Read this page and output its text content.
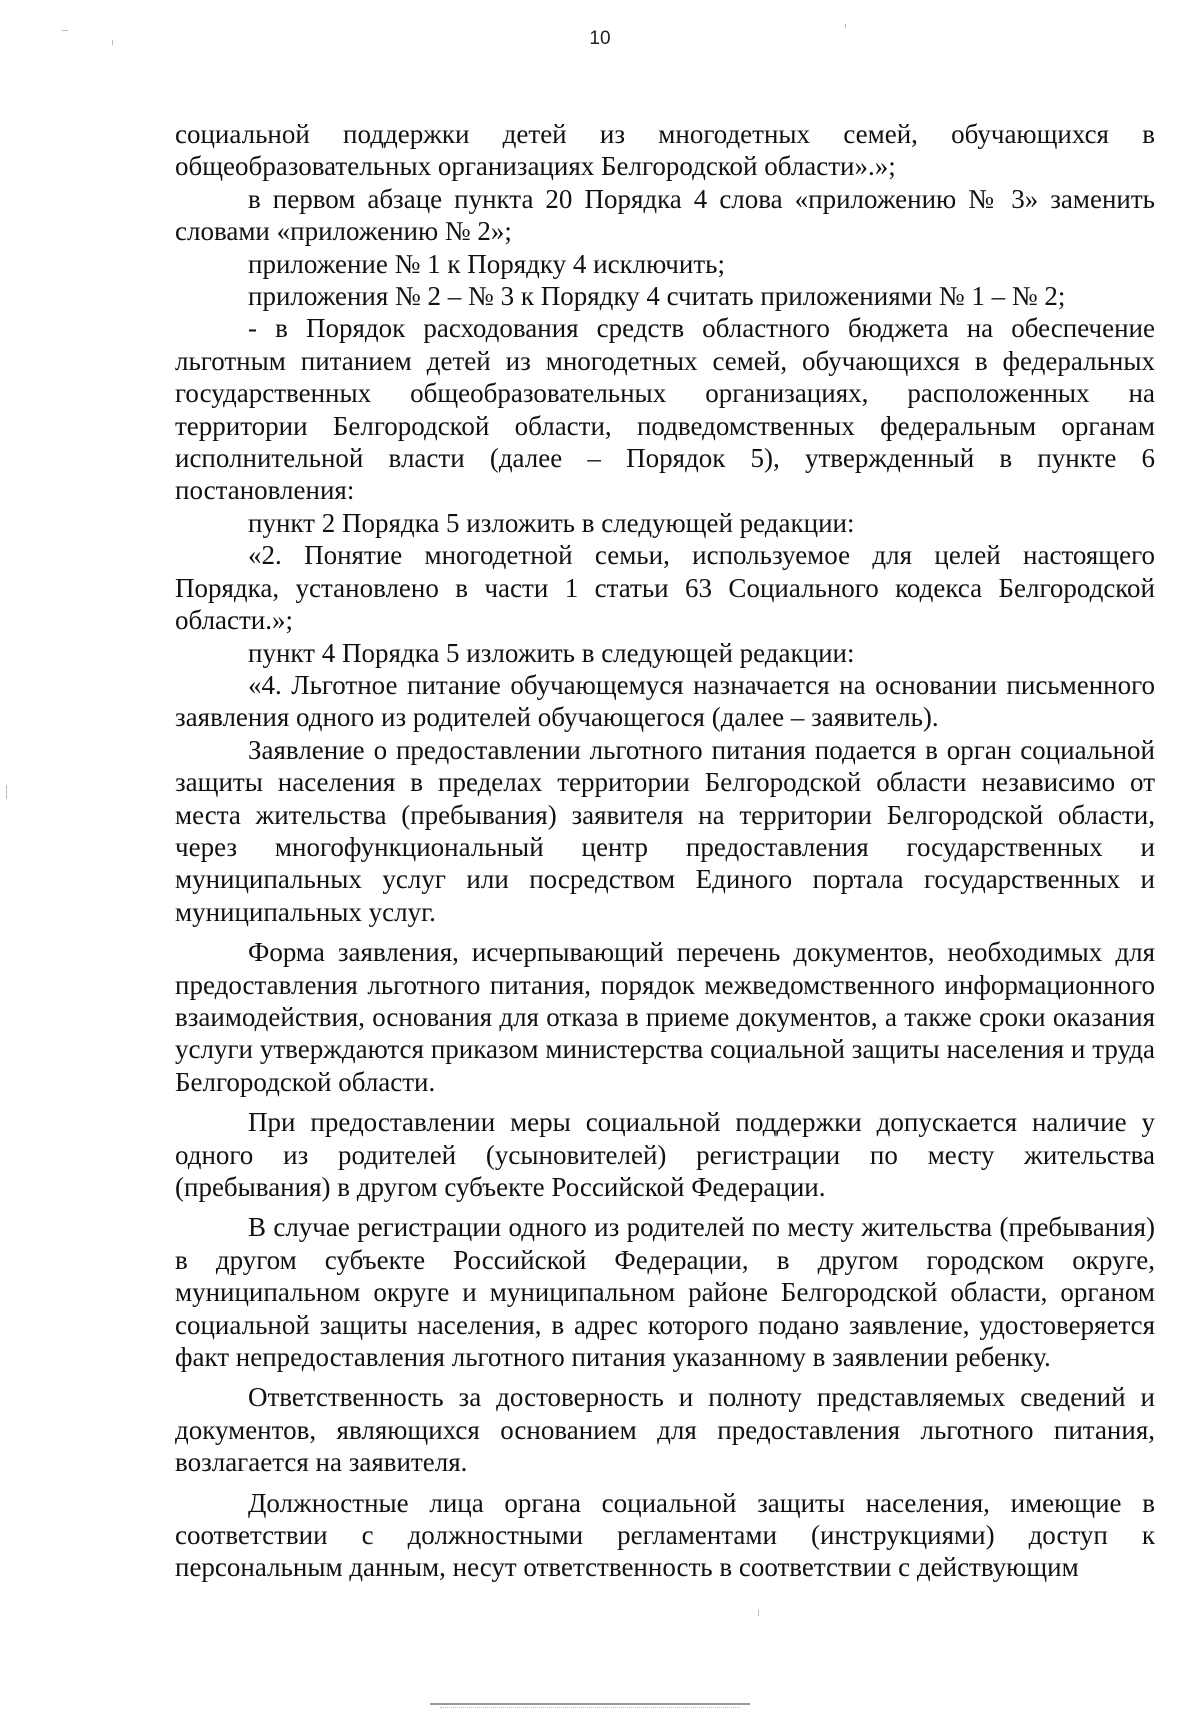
10

социальной поддержки детей из многодетных семей, обучающихся в общеобразовательных организациях Белгородской области».»;

в первом абзаце пункта 20 Порядка 4 слова «приложению № 3» заменить словами «приложению № 2»;

приложение № 1 к Порядку 4 исключить;

приложения № 2 – № 3 к Порядку 4 считать приложениями № 1 – № 2;

- в Порядок расходования средств областного бюджета на обеспечение льготным питанием детей из многодетных семей, обучающихся в федеральных государственных общеобразовательных организациях, расположенных на территории Белгородской области, подведомственных федеральным органам исполнительной власти (далее – Порядок 5), утвержденный в пункте 6 постановления:

пункт 2 Порядка 5 изложить в следующей редакции:

«2. Понятие многодетной семьи, используемое для целей настоящего Порядка, установлено в части 1 статьи 63 Социального кодекса Белгородской области.»;

пункт 4 Порядка 5 изложить в следующей редакции:

«4. Льготное питание обучающемуся назначается на основании письменного заявления одного из родителей обучающегося (далее – заявитель).

Заявление о предоставлении льготного питания подается в орган социальной защиты населения в пределах территории Белгородской области независимо от места жительства (пребывания) заявителя на территории Белгородской области, через многофункциональный центр предоставления государственных и муниципальных услуг или посредством Единого портала государственных и муниципальных услуг.

Форма заявления, исчерпывающий перечень документов, необходимых для предоставления льготного питания, порядок межведомственного информационного взаимодействия, основания для отказа в приеме документов, а также сроки оказания услуги утверждаются приказом министерства социальной защиты населения и труда Белгородской области.

При предоставлении меры социальной поддержки допускается наличие у одного из родителей (усыновителей) регистрации по месту жительства (пребывания) в другом субъекте Российской Федерации.

В случае регистрации одного из родителей по месту жительства (пребывания) в другом субъекте Российской Федерации, в другом городском округе, муниципальном округе и муниципальном районе Белгородской области, органом социальной защиты населения, в адрес которого подано заявление, удостоверяется факт непредоставления льготного питания указанному в заявлении ребенку.

Ответственность за достоверность и полноту представляемых сведений и документов, являющихся основанием для предоставления льготного питания, возлагается на заявителя.

Должностные лица органа социальной защиты населения, имеющие в соответствии с должностными регламентами (инструкциями) доступ к персональным данным, несут ответственность в соответствии с действующим
